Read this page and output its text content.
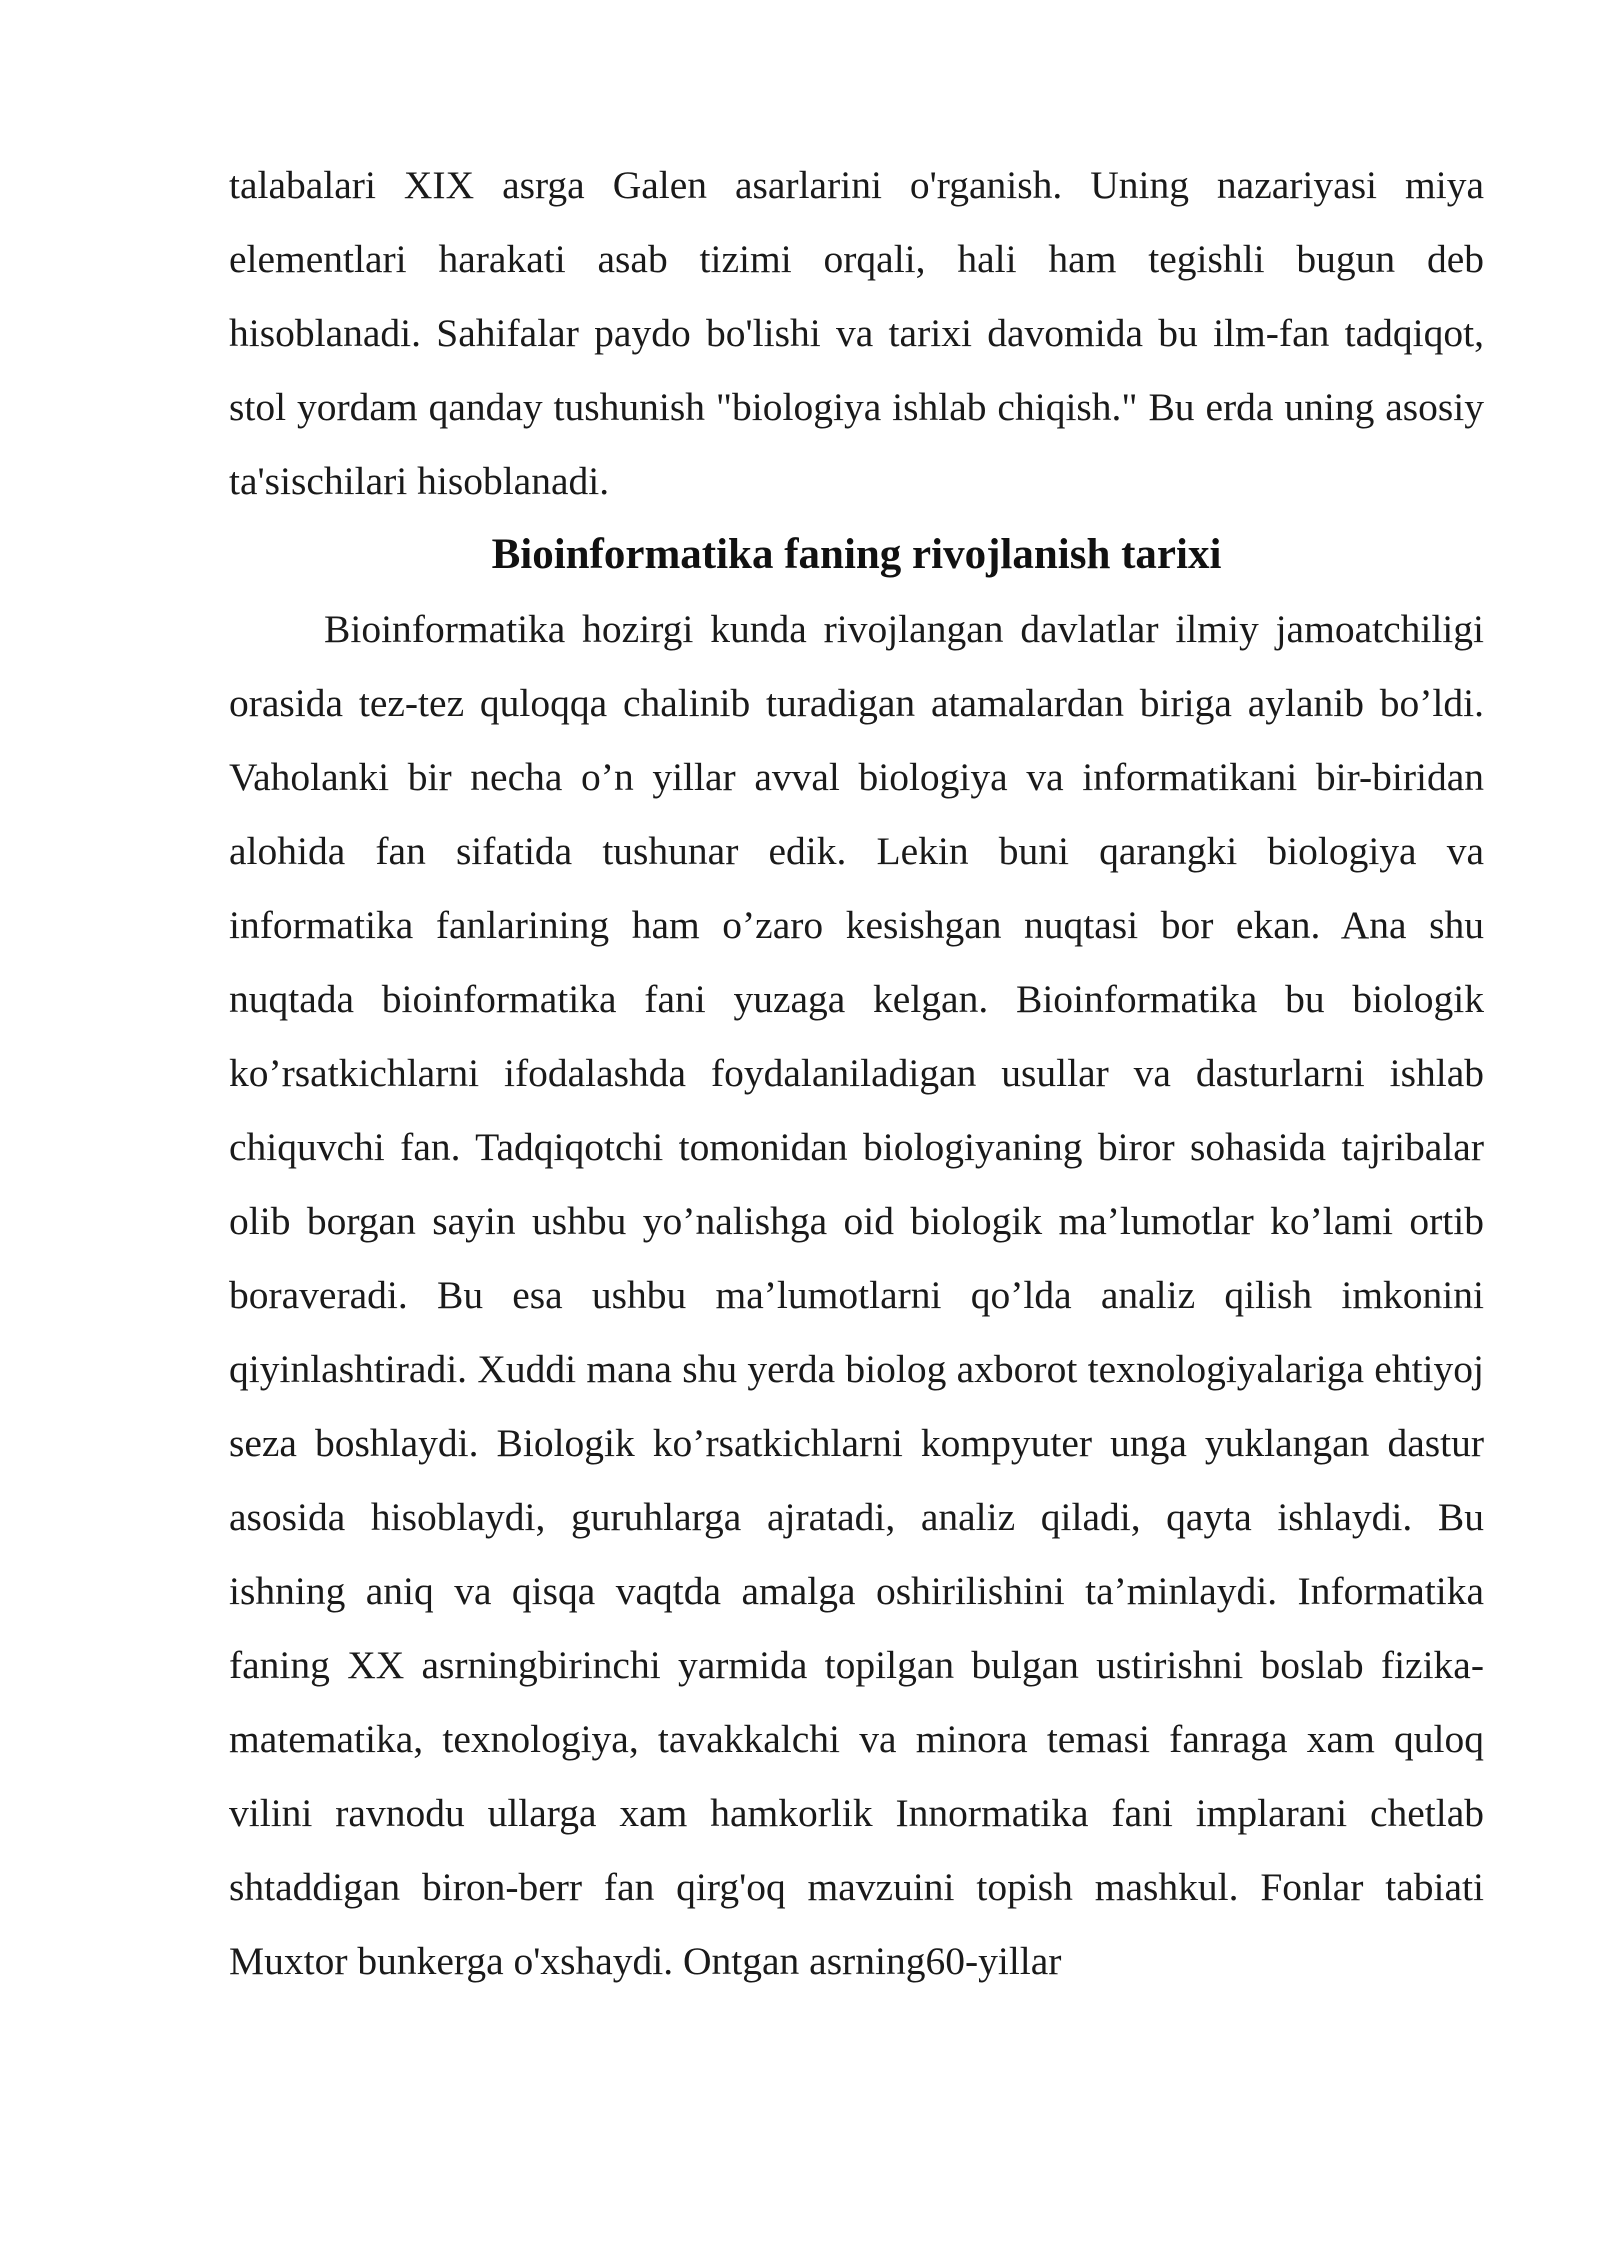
talabalari XIX asrga Galen asarlarini o'rganish. Uning nazariyasi miya elementlari harakati asab tizimi orqali, hali ham tegishli bugun deb hisoblanadi. Sahifalar paydo bo'lishi va tarixi davomida bu ilm-fan tadqiqot, stol yordam qanday tushunish "biologiya ishlab chiqish." Bu erda uning asosiy ta'sischilari hisoblanadi.

Bioinformatika faning rivojlanish tarixi

Bioinformatika hozirgi kunda rivojlangan davlatlar ilmiy jamoatchiligi orasida tez-tez quloqqa chalinib turadigan atamalardan biriga aylanib bo’ldi. Vaholanki bir necha o’n yillar avval biologiya va informatikani bir-biridan alohida fan sifatida tushunar edik. Lekin buni qarangki biologiya va informatika fanlarining ham o’zaro kesishgan nuqtasi bor ekan. Ana shu nuqtada bioinformatika fani yuzaga kelgan. Bioinformatika bu biologik ko’rsatkichlarni ifodalashda foydalaniladigan usullar va dasturlarni ishlab chiquvchi fan. Tadqiqotchi tomonidan biologiyaning biror sohasida tajribalar olib borgan sayin ushbu yo’nalishga oid biologik ma’lumotlar ko’lami ortib boraveradi. Bu esa ushbu ma’lumotlarni qo’lda analiz qilish imkonini qiyinlashtiradi. Xuddi mana shu yerda biolog axborot texnologiyalariga ehtiyoj seza boshlaydi. Biologik ko’rsatkichlarni kompyuter unga yuklangan dastur asosida hisoblaydi, guruhlarga ajratadi, analiz qiladi, qayta ishlaydi. Bu ishning aniq va qisqa vaqtda amalga oshirilishini ta’minlaydi. Informatika faning XX asrningbirinchi yarmida topilgan bulgan ustirishni boslab fizika-matematika, texnologiya, tavakkalchi va minora temasi fanraga xam quloq vilini ravnodu ullarga xam hamkorlik Innormatika fani implarani chetlab shtaddigan biron-berr fan qirg'oq mavzuini topish mashkul. Fonlar tabiati Muxtor bunkerga o'xshaydi. Ontgan asrning60-yillar
